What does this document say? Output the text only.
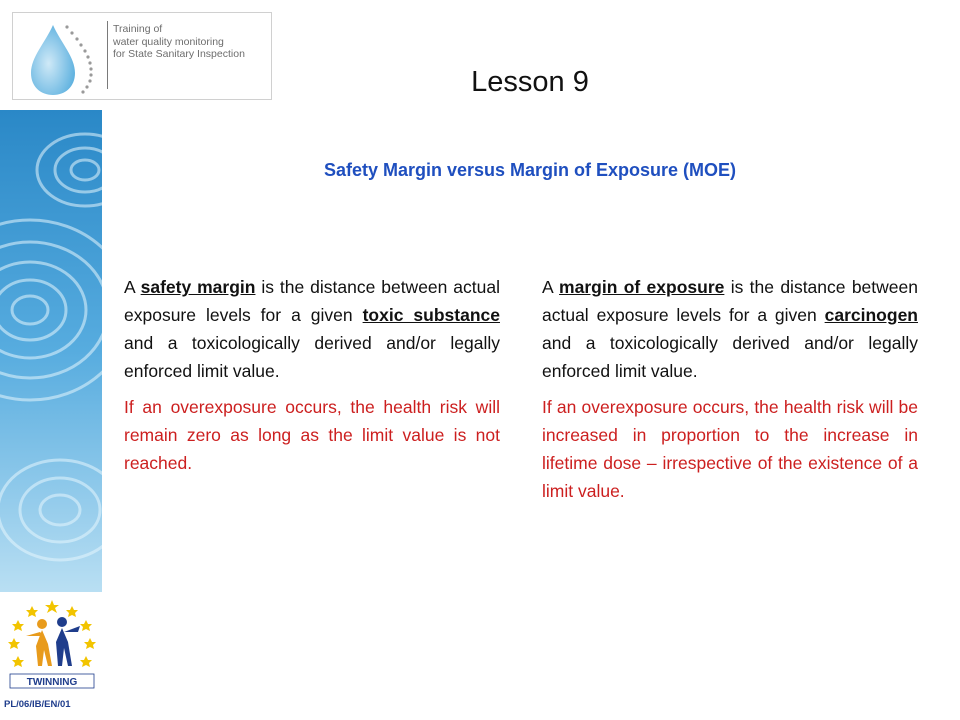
Training of
water quality monitoring
for State Sanitary Inspection
Lesson 9
TWINNING
PL/06/IB/EN/01
Safety Margin versus Margin of Exposure (MOE)

A safety margin is the distance between actual exposure levels for a given toxic substance and a toxicologically derived and/or legally enforced limit value.

If an overexposure occurs, the health risk will remain zero as long as the limit value is not reached.

A margin of exposure is the distance between actual exposure levels for a given carcinogen and a toxicologically derived and/or legally enforced limit value.

If an overexposure occurs, the health risk will be increased in proportion to the increase in lifetime dose – irrespective of the existence of a limit value.
